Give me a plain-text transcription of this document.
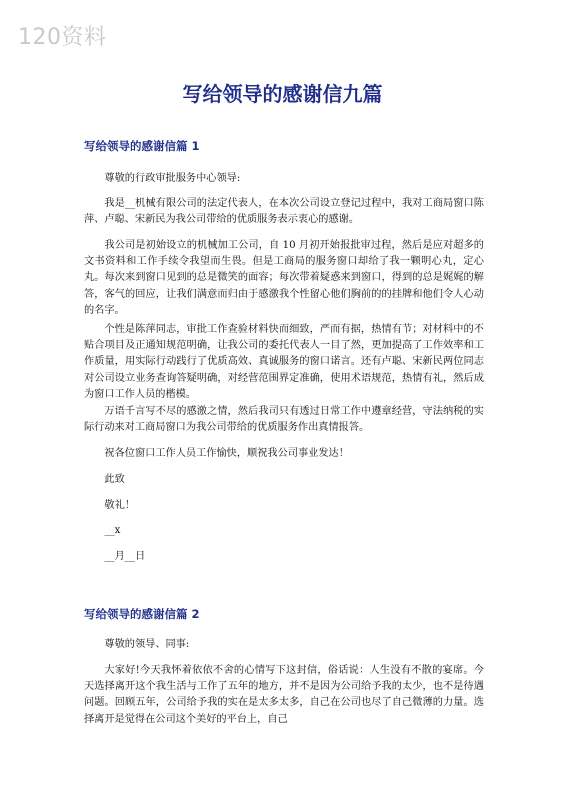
120资料
写给领导的感谢信九篇
写给领导的感谢信篇 1

尊敬的行政审批服务中心领导:

我是__机械有限公司的法定代表人，在本次公司设立登记过程中，我对工商局窗口陈萍、卢聪、宋新民为我公司带给的优质服务表示衷心的感谢。

我公司是初始设立的机械加工公司，自 10 月初开始报批审过程，然后是应对超多的文书资料和工作手续令我望而生畏。但是工商局的服务窗口却给了我一颗明心丸，定心丸。每次来到窗口见到的总是微笑的面容；每次带着疑惑来到窗口，得到的总是娓娓的解答，客气的回应，让我们满意而归由于感激我个性留心他们胸前的的挂牌和他们令人心动的名字。

个性是陈萍同志，审批工作查验材料快而细致，严而有据，热情有节；对材料中的不贴合项目及正通知规范明确，让我公司的委托代表人一目了然，更加提高了工作效率和工作质量，用实际行动践行了优质高效、真诚服务的窗口诺言。还有卢聪、宋新民两位同志对公司设立业务查询答疑明确，对经营范围界定准确，使用术语规范，热情有礼，然后成为窗口工作人员的楷模。

万语千言写不尽的感激之情，然后我司只有透过日常工作中遵章经营，守法纳税的实际行动来对工商局窗口为我公司带给的优质服务作出真情报答。

祝各位窗口工作人员工作愉快，顺祝我公司事业发达！

此致

敬礼！

__x

__月__日

写给领导的感谢信篇 2

尊敬的领导、同事:

大家好!今天我怀着依依不舍的心情写下这封信，俗话说：人生没有不散的宴席。今天选择离开这个我生活与工作了五年的地方，并不是因为公司给予我的太少，也不是待遇问题。回顾五年，公司给予我的实在是太多太多，自己在公司也尽了自己微薄的力量。选择离开是觉得在公司这个美好的平台上，自己
